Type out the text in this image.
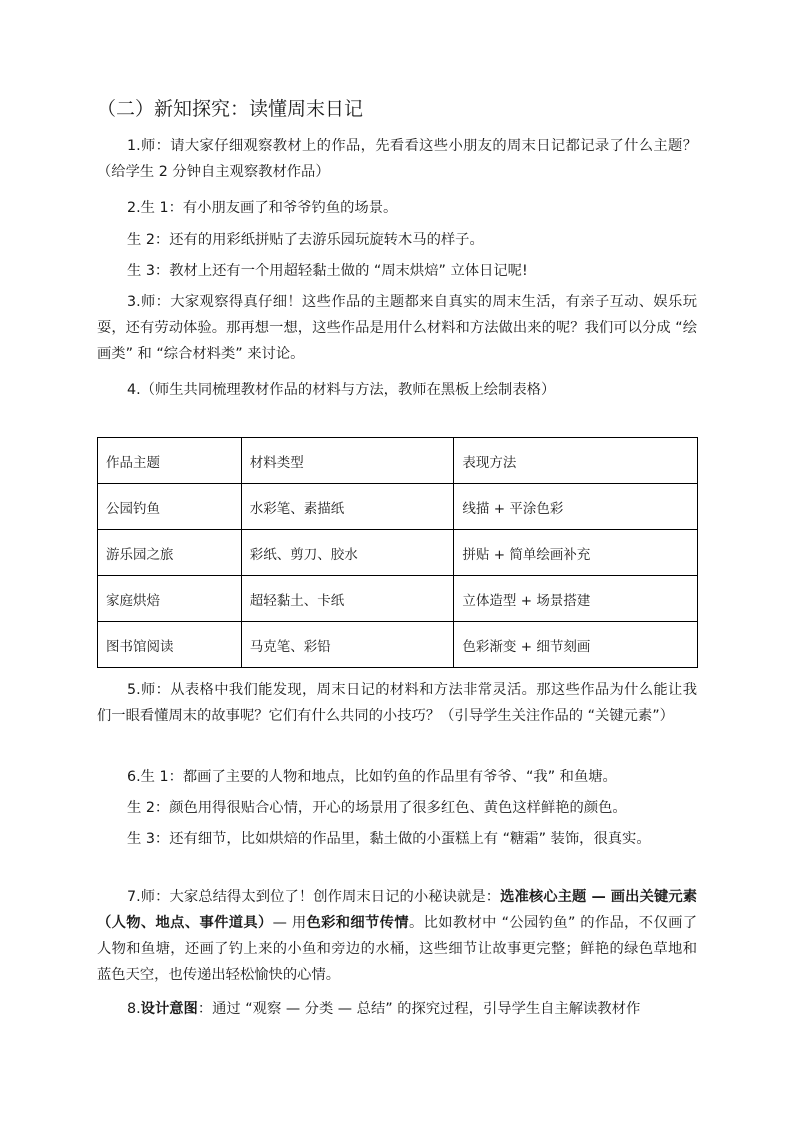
（二）新知探究：读懂周末日记
1.师：请大家仔细观察教材上的作品，先看看这些小朋友的周末日记都记录了什么主题？（给学生 2 分钟自主观察教材作品）
2.生 1：有小朋友画了和爷爷钓鱼的场景。
生 2：还有的用彩纸拼贴了去游乐园玩旋转木马的样子。
生 3：教材上还有一个用超轻黏土做的 “周末烘焙” 立体日记呢!
3.师：大家观察得真仔细！这些作品的主题都来自真实的周末生活，有亲子互动、娱乐玩耍，还有劳动体验。那再想一想，这些作品是用什么材料和方法做出来的呢？我们可以分成 “绘画类” 和 “综合材料类” 来讨论。
4.（师生共同梳理教材作品的材料与方法，教师在黑板上绘制表格）
作品主题	材料类型	表现方法
公园钓鱼	水彩笔、素描纸	线描 + 平涂色彩
游乐园之旅	彩纸、剪刀、胶水	拼贴 + 简单绘画补充
家庭烘焙	超轻黏土、卡纸	立体造型 + 场景搭建
图书馆阅读	马克笔、彩铅	色彩渐变 + 细节刻画
5.师：从表格中我们能发现，周末日记的材料和方法非常灵活。那这些作品为什么能让我们一眼看懂周末的故事呢？它们有什么共同的小技巧？（引导学生关注作品的 “关键元素”）
6.生 1：都画了主要的人物和地点，比如钓鱼的作品里有爷爷、“我” 和鱼塘。
生 2：颜色用得很贴合心情，开心的场景用了很多红色、黄色这样鲜艳的颜色。
生 3：还有细节，比如烘焙的作品里，黏土做的小蛋糕上有 “糖霜” 装饰，很真实。
7.师：大家总结得太到位了！创作周末日记的小秘诀就是：选准核心主题 — 画出关键元素（人物、地点、事件道具）— 用色彩和细节传情。比如教材中 “公园钓鱼” 的作品，不仅画了人物和鱼塘，还画了钓上来的小鱼和旁边的水桶，这些细节让故事更完整；鲜艳的绿色草地和蓝色天空，也传递出轻松愉快的心情。
8.设计意图：通过 “观察 — 分类 — 总结” 的探究过程，引导学生自主解读教材作
